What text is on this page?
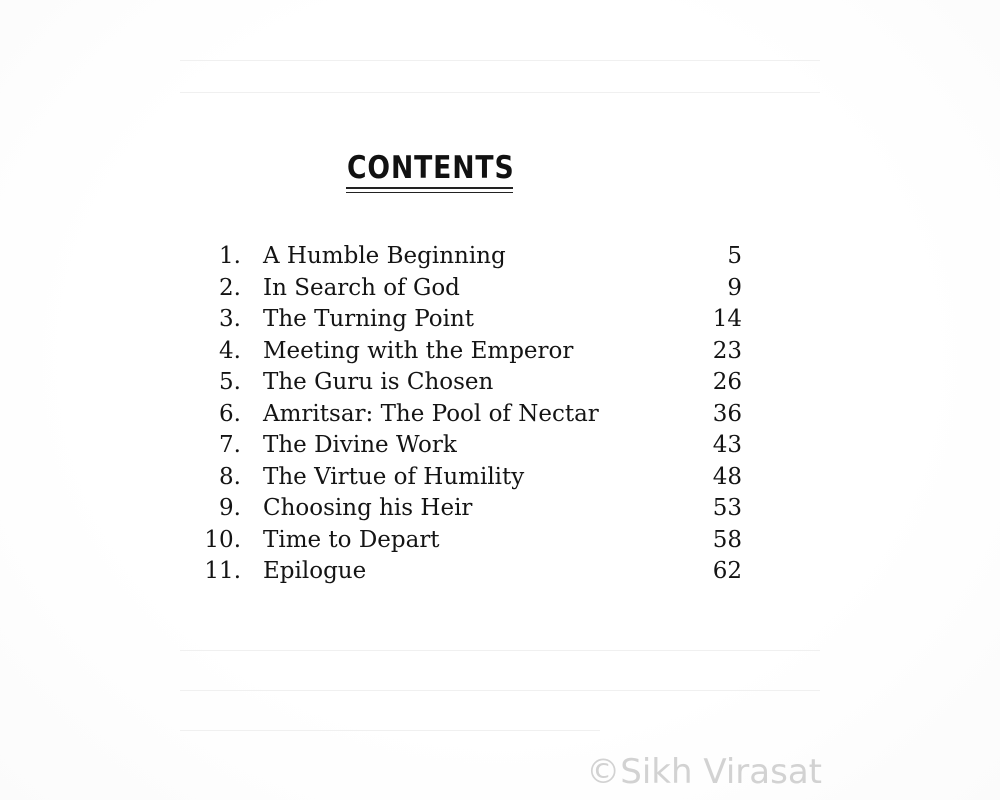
CONTENTS
1. A Humble Beginning	5
2. In Search of God	9
3. The Turning Point	14
4. Meeting with the Emperor	23
5. The Guru is Chosen	26
6. Amritsar: The Pool of Nectar	36
7. The Divine Work	43
8. The Virtue of Humility	48
9. Choosing his Heir	53
10. Time to Depart	58
11. Epilogue	62
©Sikh Virasat
